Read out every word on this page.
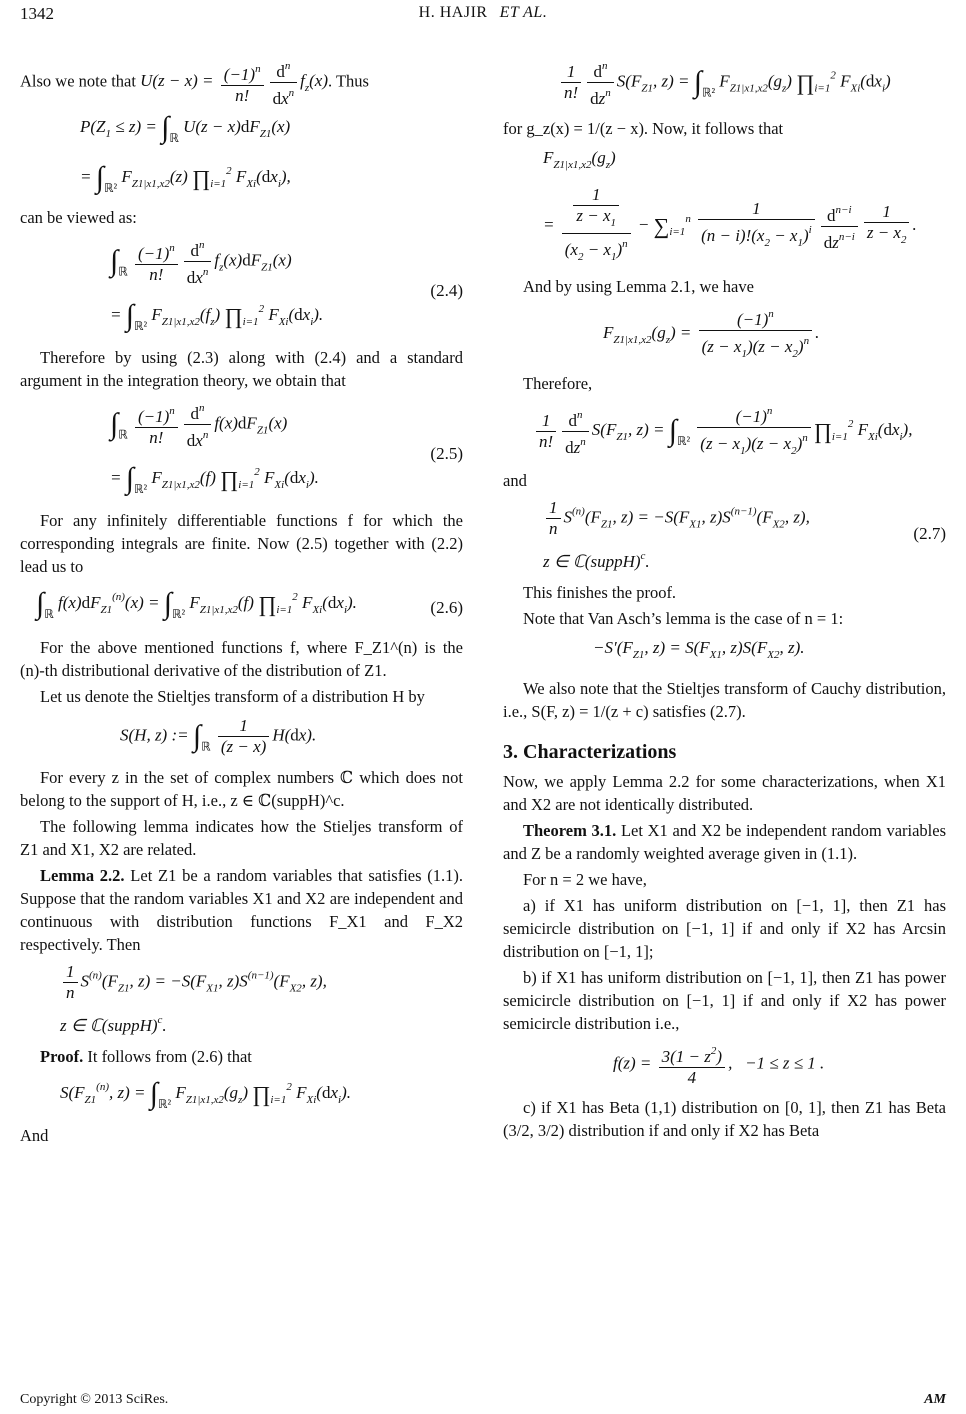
1342	H. HAJIR ET AL.

Also we note that $U(z - x) = \frac{(-1)^n}{n!} \frac{d^n}{dx^n} f_z(x)$. Thus

$P(Z_1 \le z) = \int_ℝ$ $U(z - x)dF_{Z1}(x)$
= $\int_{ℝ^2}$ $F_{Z1|x1,x2}(z)$ $\prod_{i=1}^2$ $F_{Xi}(dx_i)$,

can be viewed as:

$\int_ℝ \frac{(-1)^n}{n!} \frac{d^n}{dx^n} f_z(x)dF_{Z1}(x)$
= $\int_{ℝ^2}$ $F_{Z1|x1,x2}(f_z)$ $\prod_{i=1}^2$ $F_{Xi}(dx_i)$.
(2.4)

Therefore by using (2.3) along with (2.4) and a standard argument in the integration theory, we obtain that

$\int_ℝ \frac{(-1)^n}{n!} \frac{d^n}{dx^n} f(x)dF_{Z1}(x)$
= $\int_{ℝ^2}$ $F_{Z1|x1,x2}(f)$ $\prod_{i=1}^2$ $F_{Xi}(dx_i)$.
(2.5)

For any infinitely differentiable functions f for which the corresponding integrals are finite. Now (2.5) together with (2.2) lead us to

$\int_ℝ$ $f(x)dF_{Z1}^{(n)}(x) = \int_{ℝ^2}$ $F_{Z1|x1,x2}(f)$ $\prod_{i=1}^2$ $F_{Xi}(dx_i)$.	(2.6)

For the above mentioned functions f, where F_Z1^(n) is the (n)-th distributional derivative of the distribution of Z1.

Let us denote the Stieltjes transform of a distribution H by

S(H, z) := $\int_ℝ \frac{1}{(z - x)} H(dx)$.

For every z in the set of complex numbers ℂ which does not belong to the support of H, i.e., z ∈ ℂ(suppH)^c.

The following lemma indicates how the Stieljes transform of Z1 and X1, X2 are related.

Lemma 2.2. Let Z1 be a random variables that satisfies (1.1). Suppose that the random variables X1 and X2 are independent and continuous with distribution functions F_X1 and F_X2 respectively. Then

$\frac{1}{n} S^{(n)}(F_{Z1}$, $z) = -S(F_{X1}$, $z)S^{(n-1)}(F_{X2}$, z),
z ∈ ℂ(suppH)$^c$.

Proof. It follows from (2.6) that

$S(F_{Z1}^{(n)}$, $z) = \int_{ℝ^2}$ $F_{Z1|x1,x2}(g_z)$ $\prod_{i=1}^2$ $F_{Xi}(dx_i)$.

And

$\frac{1}{n!} \frac{d^n}{dz^n} S(F_{Z1}$, $z) = \int_{ℝ^2}$ $F_{Z1|x1,x2}(g_z)$ $\prod_{i=1}^2$ $F_{Xi}(dx_i)$

for g_z(x) = 1/(z − x). Now, it follows that

$F_{Z1|x1,x2}(g_z)$
= $\frac{\frac{1}{z - x_1}}{(x_2 - x_1)^n} - \sum_{i=1}^n \frac{1}{(n - i)!(x_2 - x_1)^i} \frac{d^{n-i}}{dz^{n-i}} \frac{1}{z - x_2}$ .

And by using Lemma 2.1, we have

$F_{Z1|x1,x2}(g_z) = \frac{(-1)^n}{(z - x_1)(z - x_2)^n}$ .

Therefore,

$\frac{1}{n!} \frac{d^n}{dz^n} S(F_{Z1}$, $z) = \int_{ℝ^2} \frac{(-1)^n}{(z - x_1)(z - x_2)^n}$ $\prod_{i=1}^2$ $F_{Xi}(dx_i)$,

and

$\frac{1}{n} S^{(n)}(F_{Z1}$, $z) = -S(F_{X1}$, $z)S^{(n-1)}(F_{X2}$, z),
z ∈ ℂ(suppH)$^c$.
(2.7)

This finishes the proof.

Note that Van Asch’s lemma is the case of n = 1:

$-S'(F_{Z1}$, $z) = S(F_{X1}$, $z)S(F_{X2}$, z).

We also note that the Stieltjes transform of Cauchy distribution, i.e., S(F, z) = 1/(z + c) satisfies (2.7).

3. Characterizations

Now, we apply Lemma 2.2 for some characterizations, when X1 and X2 are not identically distributed.

Theorem 3.1. Let X1 and X2 be independent random variables and Z be a randomly weighted average given in (1.1).

For n = 2 we have,

a) if X1 has uniform distribution on [−1, 1], then Z1 has semicircle distribution on [−1, 1] if and only if X2 has Arcsin distribution on [−1, 1];

b) if X1 has uniform distribution on [−1, 1], then Z1 has power semicircle distribution on [−1, 1] if and only if X2 has power semicircle distribution i.e.,

$f(z) = \frac{3(1 - z^2)}{4}$ ,   −1 ≤ z ≤ 1 .

c) if X1 has Beta (1,1) distribution on [0, 1], then Z1 has Beta (3/2, 3/2) distribution if and only if X2 has Beta

Copyright © 2013 SciRes.	AM
